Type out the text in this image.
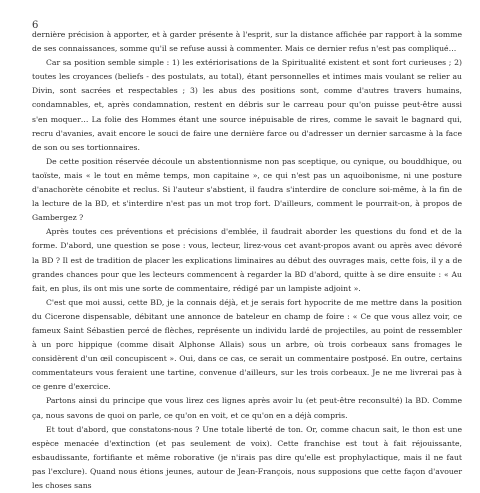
6

dernière précision à apporter, et à garder présente à l'esprit, sur la distance affichée par rapport à la somme de ses connaissances, somme qu'il se refuse aussi à commenter. Mais ce dernier refus n'est pas compliqué…

Car sa position semble simple : 1) les extériorisations de la Spiritualité existent et sont fort curieuses ; 2) toutes les croyances (beliefs - des postulats, au total), étant personnelles et intimes mais voulant se relier au Divin, sont sacrées et respectables ; 3) les abus des positions sont, comme d'autres travers humains, condamnables, et, après condamnation, restent en débris sur le carreau pour qu'on puisse peut-être aussi s'en moquer… La folie des Hommes étant une source inépuisable de rires, comme le savait le bagnard qui, recru d'avanies, avait encore le souci de faire une dernière farce ou d'adresser un dernier sarcasme à la face de son ou ses tortionnaires.

De cette position réservée découle un abstentionnisme non pas sceptique, ou cynique, ou bouddhique, ou taoïste, mais « le tout en même temps, mon capitaine », ce qui n'est pas un aquoibonisme, ni une posture d'anachorète cénobite et reclus. Si l'auteur s'abstient, il faudra s'interdire de conclure soi-même, à la fin de la lecture de la BD, et s'interdire n'est pas un mot trop fort. D'ailleurs, comment le pourrait-on, à propos de Gambergez ?

Après toutes ces préventions et précisions d'emblée, il faudrait aborder les questions du fond et de la forme. D'abord, une question se pose : vous, lecteur, lirez-vous cet avant-propos avant ou après avec dévoré la BD ? Il est de tradition de placer les explications liminaires au début des ouvrages mais, cette fois, il y a de grandes chances pour que les lecteurs commencent à regarder la BD d'abord, quitte à se dire ensuite : « Au fait, en plus, ils ont mis une sorte de commentaire, rédigé par un lampiste adjoint ».

C'est que moi aussi, cette BD, je la connais déjà, et je serais fort hypocrite de me mettre dans la position du Cicerone dispensable, débitant une annonce de bateleur en champ de foire : « Ce que vous allez voir, ce fameux Saint Sébastien percé de flèches, représente un individu lardé de projectiles, au point de ressembler à un porc hippique (comme disait Alphonse Allais) sous un arbre, où trois corbeaux sans fromages le considèrent d'un œil concupiscent ». Oui, dans ce cas, ce serait un commentaire postposé. En outre, certains commentateurs vous feraient une tartine, convenue d'ailleurs, sur les trois corbeaux. Je ne me livrerai pas à ce genre d'exercice.

Partons ainsi du principe que vous lirez ces lignes après avoir lu (et peut-être reconsulté) la BD. Comme ça, nous savons de quoi on parle, ce qu'on en voit, et ce qu'on en a déjà compris.

Et tout d'abord, que constatons-nous ? Une totale liberté de ton. Or, comme chacun sait, le thon est une espèce menacée d'extinction (et pas seulement de voix). Cette franchise est tout à fait réjouissante, esbaudissante, fortifiante et même roborative (je n'irais pas dire qu'elle est prophylactique, mais il ne faut pas l'exclure). Quand nous étions jeunes, autour de Jean-François, nous supposions que cette façon d'avouer les choses sans
